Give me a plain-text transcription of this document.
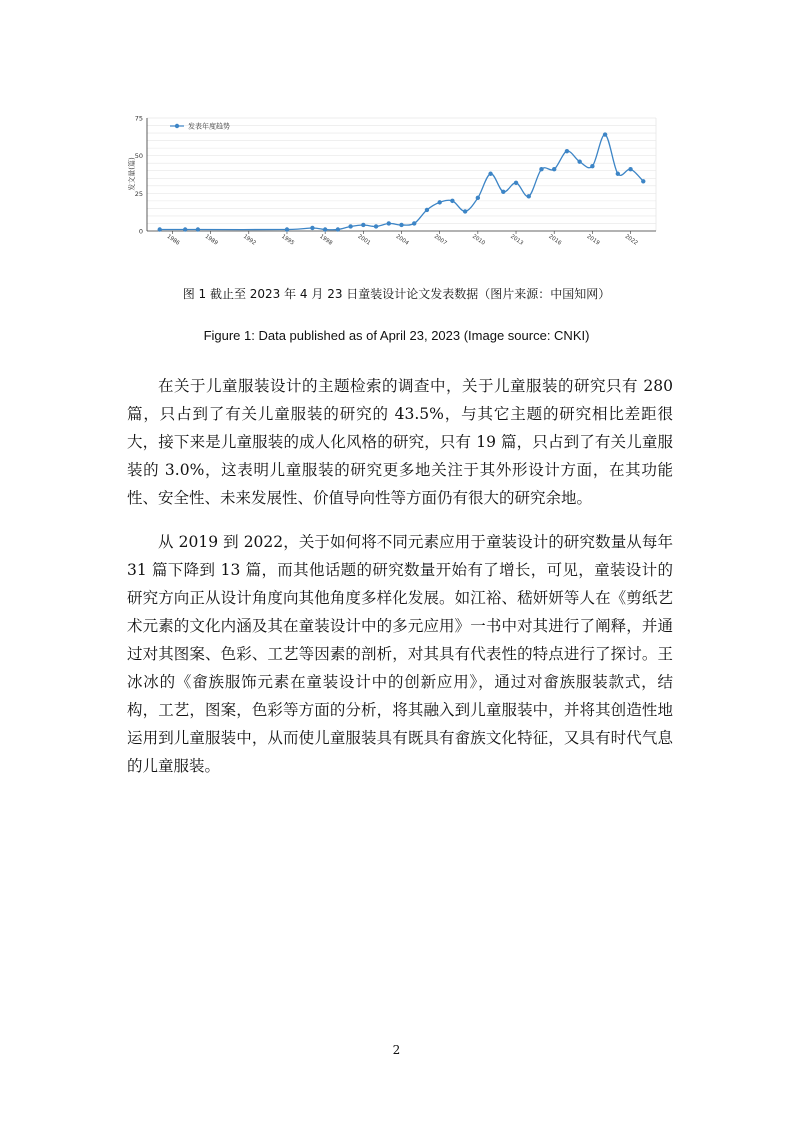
0
25
50
75
1986	1989	1992	1995	1998	2001	2004	2007	2010	2013	2016	2019	2022
发文量(篇)
发表年度趋势
图 1 截止至 2023 年 4 月 23 日童装设计论文发表数据（图片来源：中国知网）
Figure 1: Data published as of April 23, 2023 (Image source: CNKI)

在关于儿童服装设计的主题检索的调查中，关于儿童服装的研究只有 280 篇，只占到了有关儿童服装的研究的 43.5%，与其它主题的研究相比差距很大，接下来是儿童服装的成人化风格的研究，只有 19 篇，只占到了有关儿童服装的 3.0%，这表明儿童服装的研究更多地关注于其外形设计方面，在其功能性、安全性、未来发展性、价值导向性等方面仍有很大的研究余地。

从 2019 到 2022，关于如何将不同元素应用于童装设计的研究数量从每年 31 篇下降到 13 篇，而其他话题的研究数量开始有了增长，可见，童装设计的研究方向正从设计角度向其他角度多样化发展。如江裕、嵇妍妍等人在《剪纸艺术元素的文化内涵及其在童装设计中的多元应用》一书中对其进行了阐释，并通过对其图案、色彩、工艺等因素的剖析，对其具有代表性的特点进行了探讨。王冰冰的《畲族服饰元素在童装设计中的创新应用》，通过对畲族服装款式，结构，工艺，图案，色彩等方面的分析，将其融入到儿童服装中，并将其创造性地运用到儿童服装中，从而使儿童服装具有既具有畲族文化特征，又具有时代气息的儿童服装。

2
